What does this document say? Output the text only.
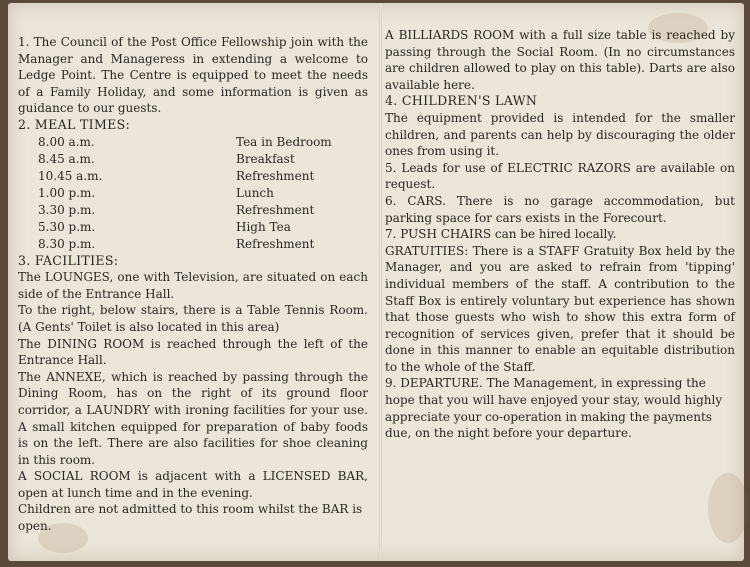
1. The Council of the Post Office Fellowship join with the Manager and Manageress in extending a welcome to Ledge Point. The Centre is equipped to meet the needs of a Family Holiday, and some information is given as guidance to our guests.

2. MEAL TIMES:

8.00 a.m.	Tea in Bedroom
8.45 a.m.	Breakfast
10.45 a.m.	Refreshment
1.00 p.m.	Lunch
3.30 p.m.	Refreshment
5.30 p.m.	High Tea
8.30 p.m.	Refreshment

3. FACILITIES:

The LOUNGES, one with Television, are situated on each side of the Entrance Hall.

To the right, below stairs, there is a Table Tennis Room. (A Gents' Toilet is also located in this area)

The DINING ROOM is reached through the left of the Entrance Hall.

The ANNEXE, which is reached by passing through the Dining Room, has on the right of its ground floor corridor, a LAUNDRY with ironing facilities for your use. A small kitchen equipped for preparation of baby foods is on the left. There are also facilities for shoe cleaning in this room.

A SOCIAL ROOM is adjacent with a LICENSED BAR, open at lunch time and in the evening.

Children are not admitted to this room whilst the BAR is open.

A BILLIARDS ROOM with a full size table is reached by passing through the Social Room. (In no circumstances are children allowed to play on this table). Darts are also available here.

4. CHILDREN'S LAWN

The equipment provided is intended for the smaller children, and parents can help by discouraging the older ones from using it.

5. Leads for use of ELECTRIC RAZORS are available on request.

6. CARS. There is no garage accommodation, but parking space for cars exists in the Forecourt.

7. PUSH CHAIRS can be hired locally.

GRATUITIES: There is a STAFF Gratuity Box held by the Manager, and you are asked to refrain from 'tipping' individual members of the staff. A contribution to the Staff Box is entirely voluntary but experience has shown that those guests who wish to show this extra form of recognition of services given, prefer that it should be done in this manner to enable an equitable distribution to the whole of the Staff.

9. DEPARTURE. The Management, in expressing the hope that you will have enjoyed your stay, would highly appreciate your co-operation in making the payments due, on the night before your departure.
